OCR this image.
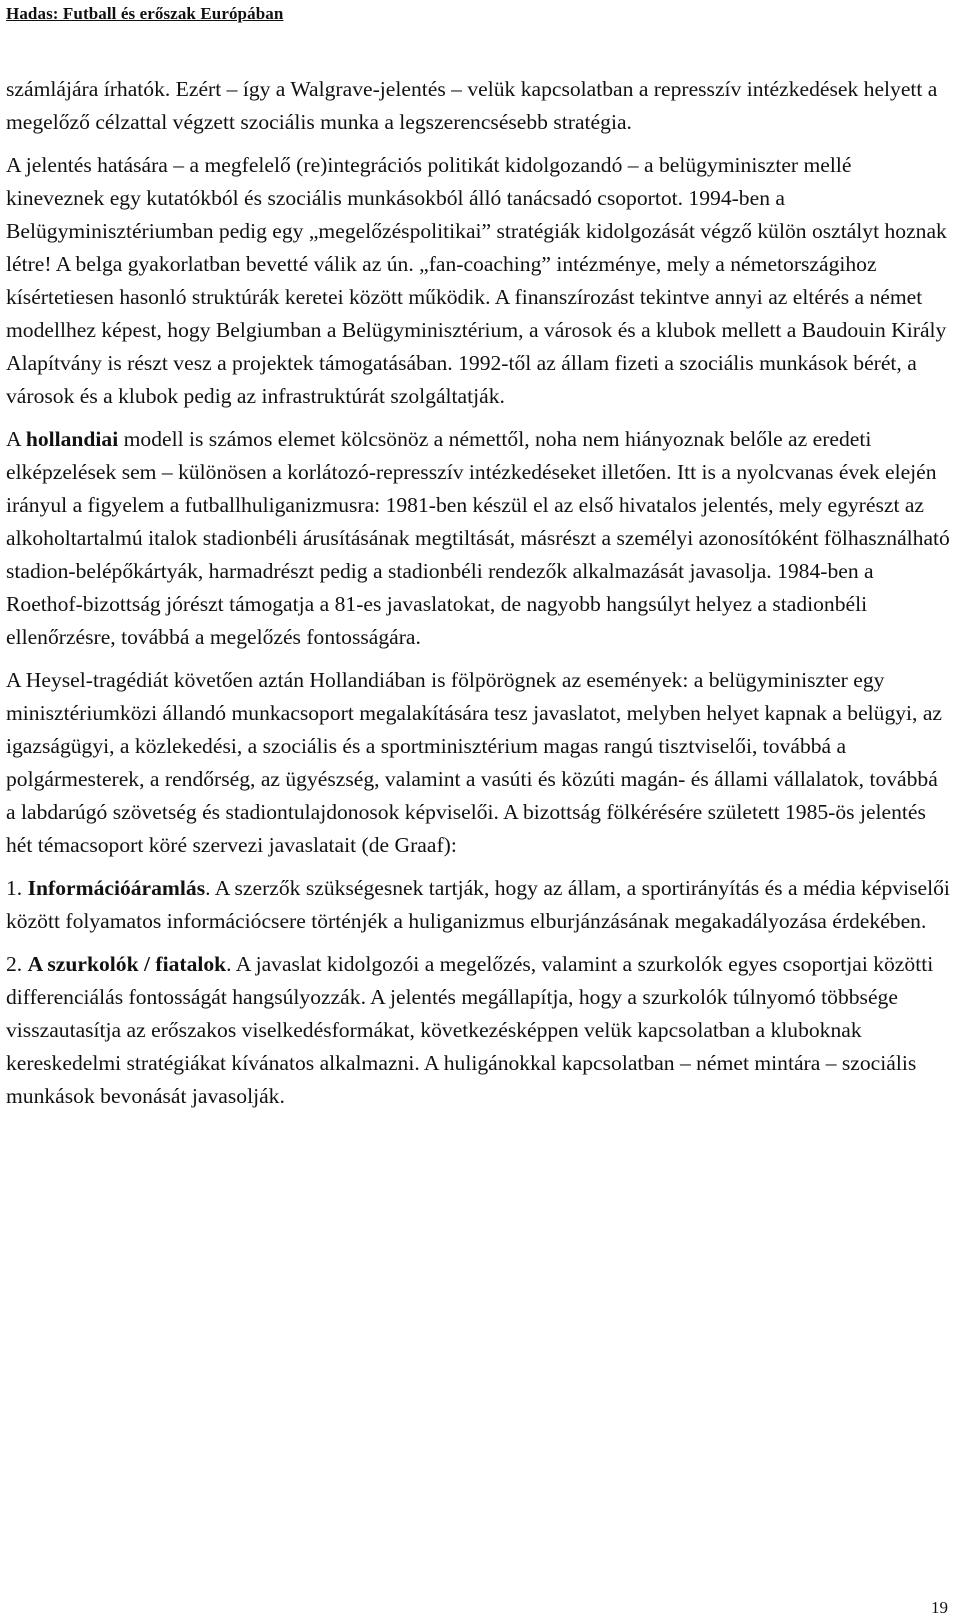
Hadas: Futball és erőszak Európában

számlájára írhatók. Ezért – így a Walgrave-jelentés – velük kapcsolatban a represszív intézkedések helyett a megelőző célzattal végzett szociális munka a legszerencsésebb stratégia.

A jelentés hatására – a megfelelő (re)integrációs politikát kidolgozandó – a belügyminiszter mellé kineveznek egy kutatókból és szociális munkásokból álló tanácsadó csoportot. 1994-ben a Belügyminisztériumban pedig egy „megelőzéspolitikai” stratégiák kidolgozását végző külön osztályt hoznak létre! A belga gyakorlatban bevetté válik az ún. „fan-coaching” intézménye, mely a németországihoz kísértetiesen hasonló struktúrák keretei között működik. A finanszírozást tekintve annyi az eltérés a német modellhez képest, hogy Belgiumban a Belügyminisztérium, a városok és a klubok mellett a Baudouin Király Alapítvány is részt vesz a projektek támogatásában. 1992-től az állam fizeti a szociális munkások bérét, a városok és a klubok pedig az infrastruktúrát szolgáltatják.

A hollandiai modell is számos elemet kölcsönöz a némettől, noha nem hiányoznak belőle az eredeti elképzelések sem – különösen a korlátozó-represszív intézkedéseket illetően. Itt is a nyolcvanas évek elején irányul a figyelem a futballhuliganizmusra: 1981-ben készül el az első hivatalos jelentés, mely egyrészt az alkoholtartalmú italok stadionbéli árusításának megtiltását, másrészt a személyi azonosítóként fölhasználható stadion-belépőkártyák, harmadrészt pedig a stadionbéli rendezők alkalmazását javasolja. 1984-ben a Roethof-bizottság jórészt támogatja a 81-es javaslatokat, de nagyobb hangsúlyt helyez a stadionbéli ellenőrzésre, továbbá a megelőzés fontosságára.

A Heysel-tragédiát követően aztán Hollandiában is fölpörögnek az események: a belügyminiszter egy minisztériumközi állandó munkacsoport megalakítására tesz javaslatot, melyben helyet kapnak a belügyi, az igazságügyi, a közlekedési, a szociális és a sportminisztérium magas rangú tisztviselői, továbbá a polgármesterek, a rendőrség, az ügyészség, valamint a vasúti és közúti magán- és állami vállalatok, továbbá a labdarúgó szövetség és stadiontulajdonosok képviselői. A bizottság fölkérésére született 1985-ös jelentés hét témacsoport köré szervezi javaslatait (de Graaf):

1. Információáramlás. A szerzők szükségesnek tartják, hogy az állam, a sportirányítás és a média képviselői között folyamatos információcsere történjék a huliganizmus elburjánzásának megakadályozása érdekében.

2. A szurkolók / fiatalok. A javaslat kidolgozói a megelőzés, valamint a szurkolók egyes csoportjai közötti differenciálás fontosságát hangsúlyozzák. A jelentés megállapítja, hogy a szurkolók túlnyomó többsége visszautasítja az erőszakos viselkedésformákat, következésképpen velük kapcsolatban a kluboknak kereskedelmi stratégiákat kívánatos alkalmazni. A huligánokkal kapcsolatban – német mintára – szociális munkások bevonását javasolják.

19
